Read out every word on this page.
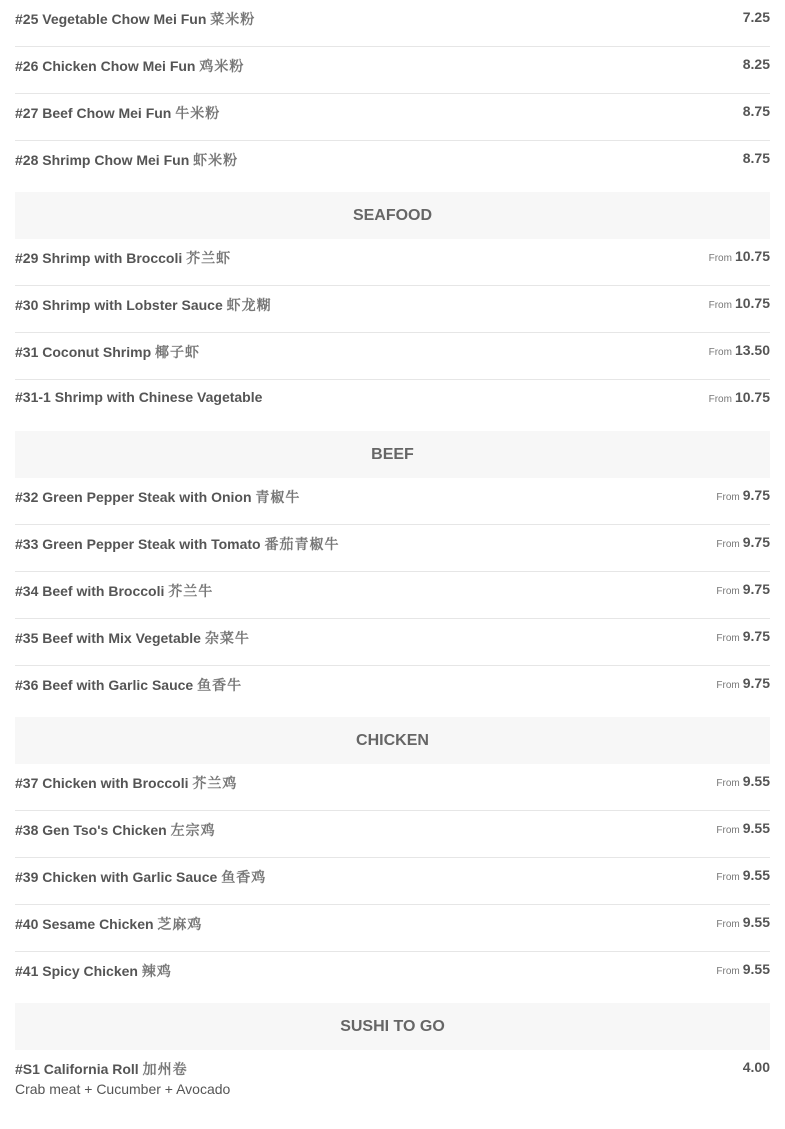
#25 Vegetable Chow Mei Fun 菜米粉	7.25
#26 Chicken Chow Mei Fun 鸡米粉	8.25
#27 Beef Chow Mei Fun 牛米粉	8.75
#28 Shrimp Chow Mei Fun 虾米粉	8.75
SEAFOOD
#29 Shrimp with Broccoli 芥兰虾	From 10.75
#30 Shrimp with Lobster Sauce 虾龙糊	From 10.75
#31 Coconut Shrimp 椰子虾	From 13.50
#31-1 Shrimp with Chinese Vagetable	From 10.75
BEEF
#32 Green Pepper Steak with Onion 青椒牛	From 9.75
#33 Green Pepper Steak with Tomato 番茄青椒牛	From 9.75
#34 Beef with Broccoli 芥兰牛	From 9.75
#35 Beef with Mix Vegetable 杂菜牛	From 9.75
#36 Beef with Garlic Sauce 鱼香牛	From 9.75
CHICKEN
#37 Chicken with Broccoli 芥兰鸡	From 9.55
#38 Gen Tso's Chicken 左宗鸡	From 9.55
#39 Chicken with Garlic Sauce 鱼香鸡	From 9.55
#40 Sesame Chicken 芝麻鸡	From 9.55
#41 Spicy Chicken 辣鸡	From 9.55
SUSHI TO GO
#S1 California Roll 加州卷	4.00
Crab meat + Cucumber + Avocado
